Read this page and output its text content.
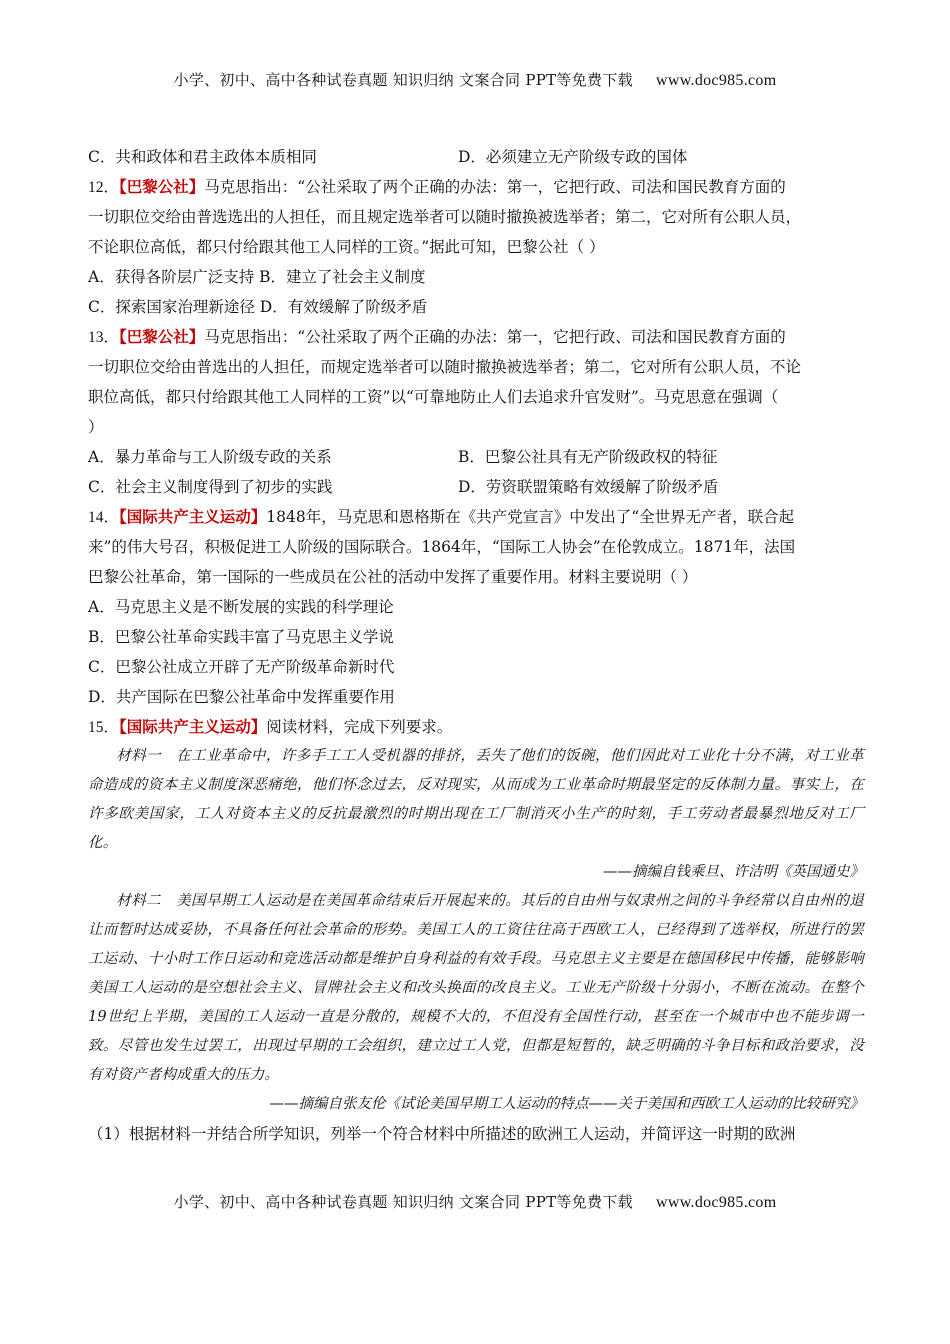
小学、初中、高中各种试卷真题 知识归纳 文案合同 PPT等免费下载 www.doc985.com
C．共和政体和君主政体本质相同	D．必须建立无产阶级专政的国体
12．【巴黎公社】马克思指出：“公社采取了两个正确的办法：第一，它把行政、司法和国民教育方面的
一切职位交给由普选选出的人担任，而且规定选举者可以随时撤换被选举者；第二，它对所有公职人员，
不论职位高低，都只付给跟其他工人同样的工资。”据此可知，巴黎公社（ ）
A．获得各阶层广泛支持 B．建立了社会主义制度
C．探索国家治理新途径 D．有效缓解了阶级矛盾
13．【巴黎公社】马克思指出：“公社采取了两个正确的办法：第一，它把行政、司法和国民教育方面的
一切职位交给由普选出的人担任，而规定选举者可以随时撤换被选举者；第二，它对所有公职人员，不论
职位高低，都只付给跟其他工人同样的工资”以“可靠地防止人们去追求升官发财”。马克思意在强调（
）
A．暴力革命与工人阶级专政的关系	B．巴黎公社具有无产阶级政权的特征
C．社会主义制度得到了初步的实践	D．劳资联盟策略有效缓解了阶级矛盾
14．【国际共产主义运动】1848年，马克思和恩格斯在《共产党宣言》中发出了“全世界无产者，联合起
来”的伟大号召，积极促进工人阶级的国际联合。1864年，“国际工人协会”在伦敦成立。1871年，法国
巴黎公社革命，第一国际的一些成员在公社的活动中发挥了重要作用。材料主要说明（ ）
A．马克思主义是不断发展的实践的科学理论
B．巴黎公社革命实践丰富了马克思主义学说
C．巴黎公社成立开辟了无产阶级革命新时代
D．共产国际在巴黎公社革命中发挥重要作用
15．【国际共产主义运动】阅读材料，完成下列要求。
材料一　在工业革命中，许多手工工人受机器的排挤，丢失了他们的饭碗，他们因此对工业化十分不满，对工业革命造成的资本主义制度深恶痛绝，他们怀念过去，反对现实，从而成为工业革命时期最坚定的反体制力量。事实上，在许多欧美国家，工人对资本主义的反抗最激烈的时期出现在工厂制消灭小生产的时刻，手工劳动者最暴烈地反对工厂化。
——摘编自钱乘旦、许洁明《英国通史》
材料二　美国早期工人运动是在美国革命结束后开展起来的。其后的自由州与奴隶州之间的斗争经常以自由州的退让而暂时达成妥协，不具备任何社会革命的形势。美国工人的工资往往高于西欧工人，已经得到了选举权，所进行的罢工运动、十小时工作日运动和竞选活动都是维护自身利益的有效手段。马克思主义主要是在德国移民中传播，能够影响美国工人运动的是空想社会主义、冒牌社会主义和改头换面的改良主义。工业无产阶级十分弱小，不断在流动。在整个19世纪上半期，美国的工人运动一直是分散的，规模不大的，不但没有全国性行动，甚至在一个城市中也不能步调一致。尽管也发生过罢工，出现过早期的工会组织，建立过工人党，但都是短暂的，缺乏明确的斗争目标和政治要求，没有对资产者构成重大的压力。
——摘编自张友伦《试论美国早期工人运动的特点——关于美国和西欧工人运动的比较研究》
（1）根据材料一并结合所学知识，列举一个符合材料中所描述的欧洲工人运动，并简评这一时期的欧洲
小学、初中、高中各种试卷真题 知识归纳 文案合同 PPT等免费下载 www.doc985.com
